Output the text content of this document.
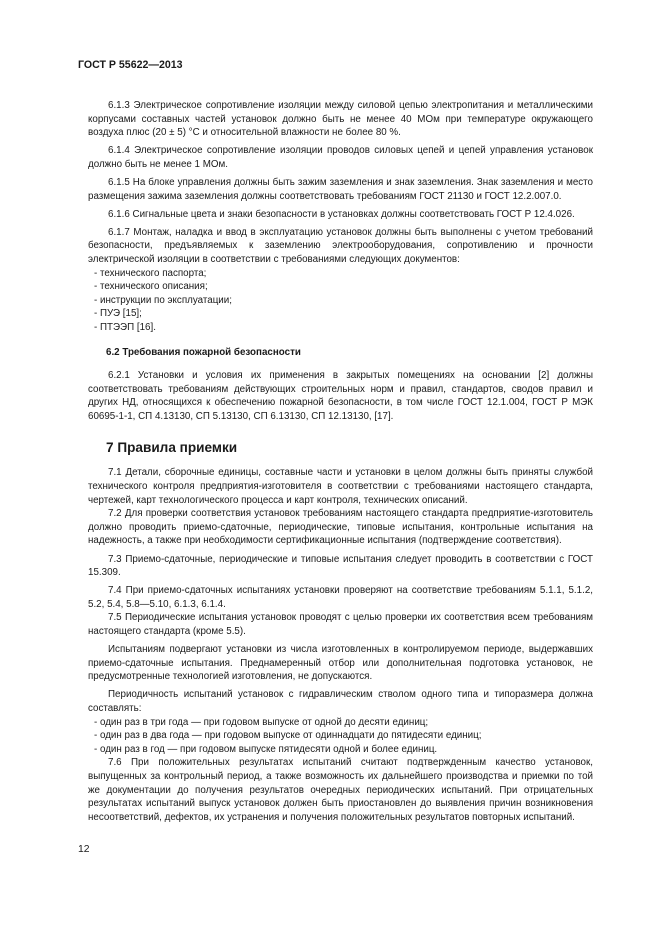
ГОСТ Р 55622—2013

6.1.3 Электрическое сопротивление изоляции между силовой цепью электропитания и металлическими корпусами составных частей установок должно быть не менее 40 МОм при температуре окружающего воздуха плюс (20 ± 5) °С и относительной влажности не более 80 %.

6.1.4 Электрическое сопротивление изоляции проводов силовых цепей и цепей управления установок должно быть не менее 1 МОм.

6.1.5 На блоке управления должны быть зажим заземления и знак заземления. Знак заземления и место размещения зажима заземления должны соответствовать требованиям ГОСТ 21130 и ГОСТ 12.2.007.0.

6.1.6 Сигнальные цвета и знаки безопасности в установках должны соответствовать ГОСТ Р 12.4.026.

6.1.7 Монтаж, наладка и ввод в эксплуатацию установок должны быть выполнены с учетом требований безопасности, предъявляемых к заземлению электрооборудования, сопротивлению и прочности электрической изоляции в соответствии с требованиями следующих документов:

- технического паспорта;

- технического описания;

- инструкции по эксплуатации;

- ПУЭ [15];

- ПТЭЭП [16].

6.2 Требования пожарной безопасности

6.2.1 Установки и условия их применения в закрытых помещениях на основании [2] должны соответствовать требованиям действующих строительных норм и правил, стандартов, сводов правил и других НД, относящихся к обеспечению пожарной безопасности, в том числе ГОСТ 12.1.004, ГОСТ Р МЭК 60695-1-1, СП 4.13130, СП 5.13130, СП 6.13130, СП 12.13130, [17].

7 Правила приемки

7.1 Детали, сборочные единицы, составные части и установки в целом должны быть приняты службой технического контроля предприятия-изготовителя в соответствии с требованиями настоящего стандарта, чертежей, карт технологического процесса и карт контроля, технических описаний.

7.2 Для проверки соответствия установок требованиям настоящего стандарта предприятие-изготовитель должно проводить приемо-сдаточные, периодические, типовые испытания, контрольные испытания на надежность, а также при необходимости сертификационные испытания (подтверждение соответствия).

7.3 Приемо-сдаточные, периодические и типовые испытания следует проводить в соответствии с ГОСТ 15.309.

7.4 При приемо-сдаточных испытаниях установки проверяют на соответствие требованиям 5.1.1, 5.1.2, 5.2, 5.4, 5.8—5.10, 6.1.3, 6.1.4.

7.5 Периодические испытания установок проводят с целью проверки их соответствия всем требованиям настоящего стандарта (кроме 5.5).

Испытаниям подвергают установки из числа изготовленных в контролируемом периоде, выдержавших приемо-сдаточные испытания. Преднамеренный отбор или дополнительная подготовка установок, не предусмотренные технологией изготовления, не допускаются.

Периодичность испытаний установок с гидравлическим стволом одного типа и типоразмера должна составлять:

- один раз в три года — при годовом выпуске от одной до десяти единиц;

- один раз в два года — при годовом выпуске от одиннадцати до пятидесяти единиц;

- один раз в год — при годовом выпуске пятидесяти одной и более единиц.

7.6 При положительных результатах испытаний считают подтвержденным качество установок, выпущенных за контрольный период, а также возможность их дальнейшего производства и приемки по той же документации до получения результатов очередных периодических испытаний. При отрицательных результатах испытаний выпуск установок должен быть приостановлен до выявления причин возникновения несоответствий, дефектов, их устранения и получения положительных результатов повторных испытаний.

12
